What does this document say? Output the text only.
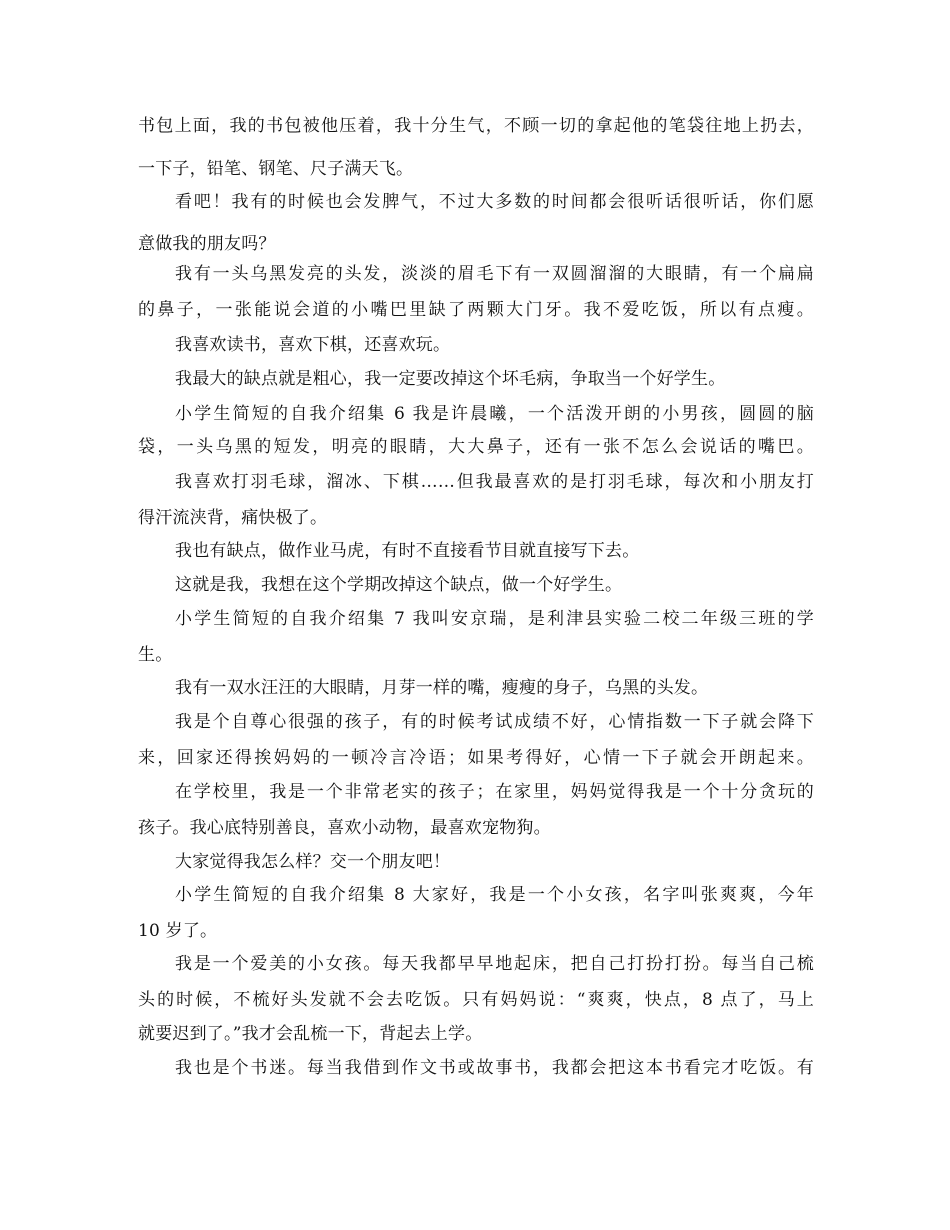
书包上面，我的书包被他压着，我十分生气，不顾一切的拿起他的笔袋往地上扔去，
一下子，铅笔、钢笔、尺子满天飞。
看吧！我有的时候也会发脾气，不过大多数的时间都会很听话很听话，你们愿
意做我的朋友吗？
我有一头乌黑发亮的头发，淡淡的眉毛下有一双圆溜溜的大眼睛，有一个扁扁
的鼻子，一张能说会道的小嘴巴里缺了两颗大门牙。我不爱吃饭，所以有点瘦。
我喜欢读书，喜欢下棋，还喜欢玩。
我最大的缺点就是粗心，我一定要改掉这个坏毛病，争取当一个好学生。
小学生简短的自我介绍集 6 我是许晨曦，一个活泼开朗的小男孩，圆圆的脑
袋，一头乌黑的短发，明亮的眼睛，大大鼻子，还有一张不怎么会说话的嘴巴。
我喜欢打羽毛球，溜冰、下棋……但我最喜欢的是打羽毛球，每次和小朋友打
得汗流浃背，痛快极了。
我也有缺点，做作业马虎，有时不直接看节目就直接写下去。
这就是我，我想在这个学期改掉这个缺点，做一个好学生。
小学生简短的自我介绍集 7 我叫安京瑞，是利津县实验二校二年级三班的学
生。
我有一双水汪汪的大眼睛，月芽一样的嘴，瘦瘦的身子，乌黑的头发。
我是个自尊心很强的孩子，有的时候考试成绩不好，心情指数一下子就会降下
来，回家还得挨妈妈的一顿冷言冷语；如果考得好，心情一下子就会开朗起来。
在学校里，我是一个非常老实的孩子；在家里，妈妈觉得我是一个十分贪玩的
孩子。我心底特别善良，喜欢小动物，最喜欢宠物狗。
大家觉得我怎么样？交一个朋友吧！
小学生简短的自我介绍集 8 大家好，我是一个小女孩，名字叫张爽爽，今年
10 岁了。
我是一个爱美的小女孩。每天我都早早地起床，把自己打扮打扮。每当自己梳
头的时候，不梳好头发就不会去吃饭。只有妈妈说：“爽爽，快点，8 点了，马上
就要迟到了。”我才会乱梳一下，背起去上学。
我也是个书迷。每当我借到作文书或故事书，我都会把这本书看完才吃饭。有
